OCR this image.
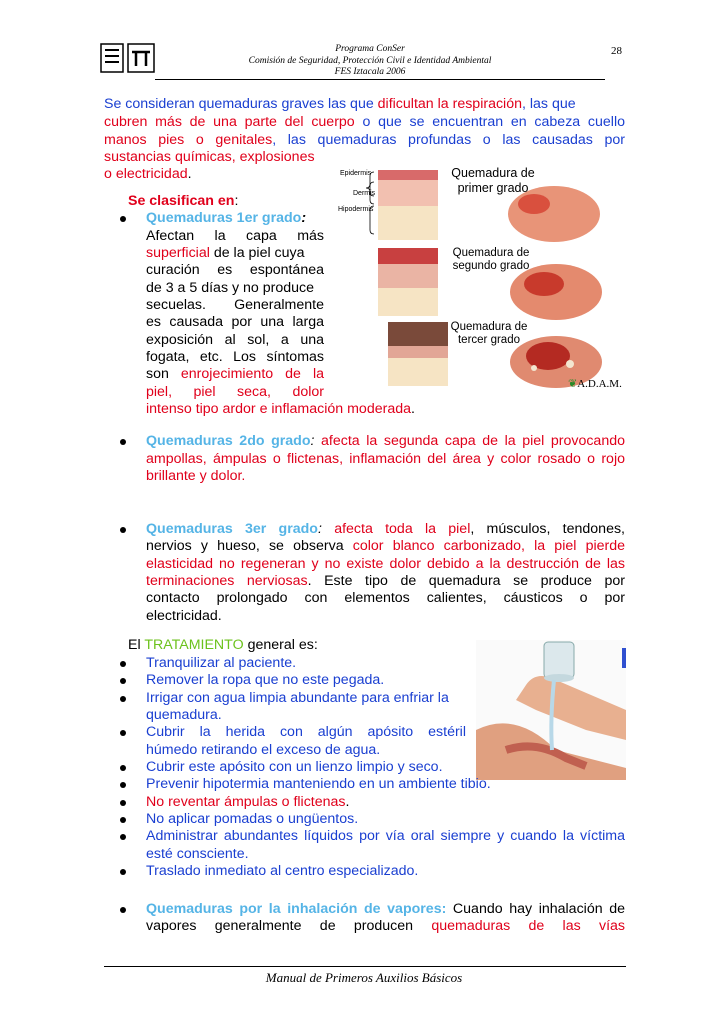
Programa ConSer
Comisión de Seguridad, Protección Civil e Identidad Ambiental
FES Iztacala 2006
28
Se consideran quemaduras graves las que dificultan la respiración, las que
cubren más de una parte del cuerpo o que se encuentran en cabeza cuello
manos pies o genitales, las quemaduras profundas o las causadas por
sustancias químicas, explosiones
o electricidad.
Se clasifican en:
Quemaduras 1er grado:
Afectan la capa más
superficial de la piel cuya
curación es espontánea
de 3 a 5 días y no produce
secuelas. Generalmente
es causada por una larga
exposición al sol, a una
fogata, etc. Los síntomas
son enrojecimiento de la
piel, piel seca, dolor
intenso tipo ardor e inflamación moderada.
Epidermis
Dermis
Hipodermis
Quemadura de
primer grado
Quemadura de
segundo grado
Quemadura de
tercer grado
❦A.D.A.M.
Quemaduras 2do grado: afecta la segunda capa de la piel provocando
ampollas, ámpulas o flictenas, inflamación del área y color rosado o rojo
brillante y dolor.
Quemaduras 3er grado: afecta toda la piel, músculos, tendones,
nervios y hueso, se observa color blanco carbonizado, la piel pierde
elasticidad no regeneran y no existe dolor debido a la destrucción de las
terminaciones nerviosas. Este tipo de quemadura se produce por
contacto prolongado con elementos calientes, cáusticos o por
electricidad.
El TRATAMIENTO general es:
Tranquilizar al paciente.
Remover la ropa que no este pegada.
Irrigar con agua limpia abundante para enfriar la
quemadura.
Cubrir la herida con algún apósito estéril
húmedo retirando el exceso de agua.
Cubrir este apósito con un lienzo limpio y seco.
Prevenir hipotermia manteniendo en un ambiente tibio.
No reventar ámpulas o flictenas.
No aplicar pomadas o ungüentos.
Administrar abundantes líquidos por vía oral siempre y cuando la víctima
esté consciente.
Traslado inmediato al centro especializado.
Quemaduras por la inhalación de vapores: Cuando hay inhalación de
vapores generalmente de producen quemaduras de las vías
Manual de Primeros Auxilios Básicos
